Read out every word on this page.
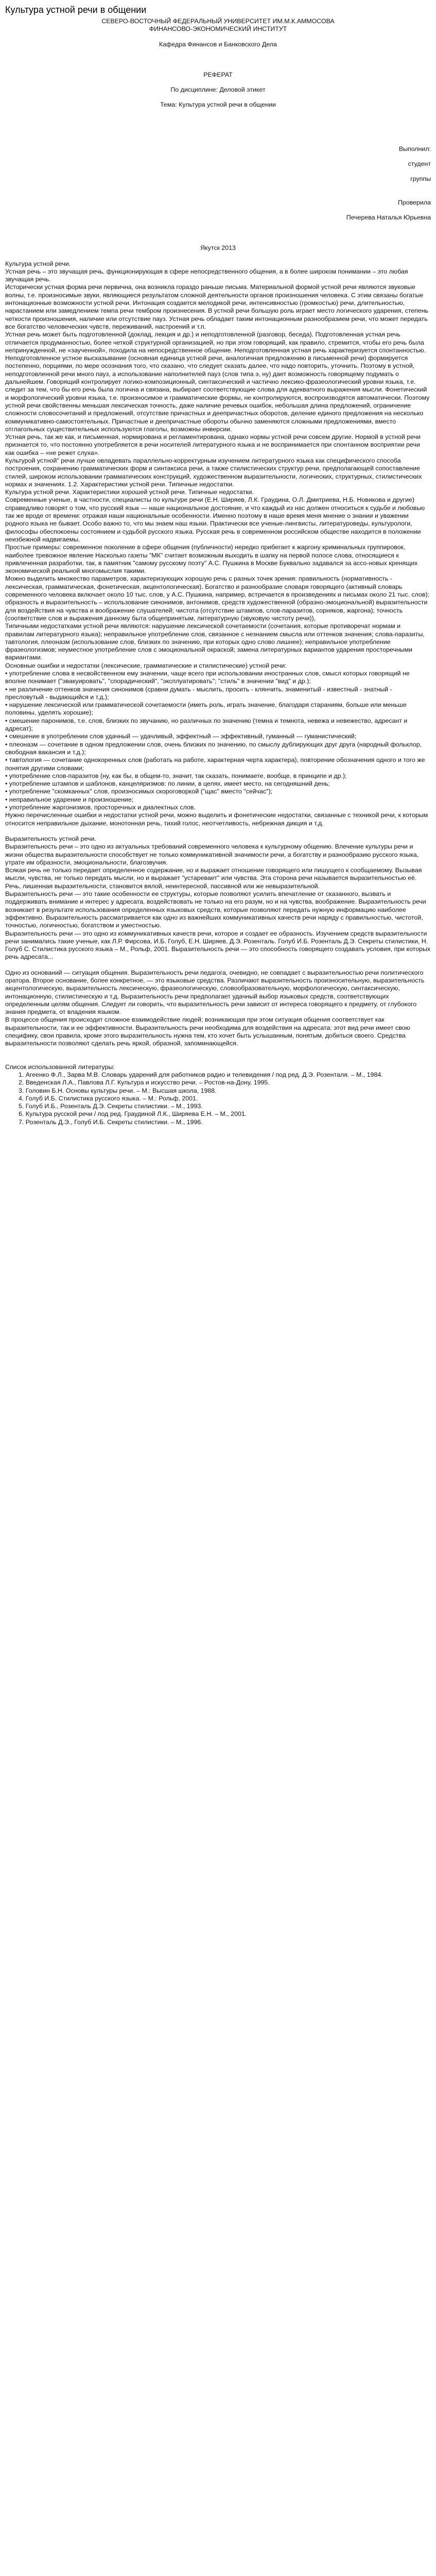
Культура устной речи в общении

СЕВЕРО-ВОСТОЧНЫЙ ФЕДЕРАЛЬНЫЙ УНИВЕРСИТЕТ ИМ.М.К.АММОСОВА

ФИНАНСОВО-ЭКОНОМИЧЕСКИЙ ИНСТИТУТ

Кафедра Финансов и Банковского Дела

РЕФЕРАТ

По дисциплине: Деловой этикет

Тема: Культура устной речи в общении

Выполнил:

студент

группы

Проверила

Печерева Наталья Юрьевна

Якутск 2013

Культура устной речи.

Устная речь – это звучащая речь, функционирующая в сфере непосредственного общения, а в более широком понимании – это любая звучащая речь.

Исторически устная форма речи первична, она возникла гораздо раньше письма. Материальной формой устной речи являются звуковые волны, т.е. произносимые звуки, являющиеся результатом сложной деятельности органов произношения человека. С этим связаны богатые интонационные возможности устной речи. Интонация создается мелодикой речи, интенсивностью (громкостью) речи, длительностью, нарастанием или замедлением темпа речи тембром произнесения. В устной речи большую роль играет место логического ударения, степень четкости произношения, наличие или отсутствие пауз. Устная речь обладает таким интонационным разнообразием речи, что может передать все богатство человеческих чувств, переживаний, настроений и т.п.

Устная речь может быть подготовленной (доклад, лекция и др.) и неподготовленной (разговор, беседа). Подготовленная устная речь отличается продуманностью, более четкой структурной организацией, но при этом говорящий, как правило, стремится, чтобы его речь была непринужденной, не «заученной», походила на непосредственное общение. Неподготовленная устная речь характеризуется спонтанностью. Неподготовленное устное высказывание (основная единица устной речи, аналогичная предложению в письменной речи) формируется постепенно, порциями, по мере осознания того, что сказано, что следует сказать далее, что надо повторить, уточнить. Поэтому в устной, неподготовленной речи много пауз, а использование наполнителей пауз (слов типа э, ну) дает возможность говорящему подумать о дальнейшем. Говорящий контролирует логико-композиционный, синтаксический и частично лексико-фразеологический уровни языка, т.е. следит за тем, что бы его речь была логична и связана, выбирает соответствующие слова для адекватного выражения мысли. Фонетический и морфологический уровни языка, т.е. произносимое и грамматические формы, не контролируются, воспроизводятся автоматически. Поэтому устной речи свойственны меньшая лексическая точность, даже наличие речевых ошибок, небольшая длина предложений, ограничение сложности словосочетаний и предложений, отсутствие причастных и деепричастных оборотов, деление единого предложения на несколько коммуникативно-самостоятельных. Причастные и деепричастные обороты обычно заменяются сложными предложениями, вместо отглагольных существительных используются глаголы, возможны инверсии.

Устная речь, так же как, и письменная, нормирована и регламентирована, однако нормы устной речи совсем другие. Нормой в устной речи признается то, что постоянно употребляется в речи носителей литературного языка и не воспринимается при спонтанном восприятии речи как ошибка – «не режет слуха».

Культурой устной" речи лучше овладевать параллельно-корректурным изучением литературного языка как специфического способа построения, сохранению грамматических форм и синтаксиса речи, а также стилистических структур речи, предполагающей сопоставление стилей, широком использовании грамматических конструкций, художественном выразительности, логических, структурных, стилистических нормах и значениях. 1.2. Характеристики устной речи. Типичные недостатки.

Культура устной речи. Характеристики хорошей устной речи. Типичные недостатки.

Современные ученые, в частности, специалисты по культуре речи (Е.Н. Ширяев, Л.К. Граудина, О.Л. Дмитриева, Н.Б. Новикова и другие) справедливо говорят о том, что русский язык — наше национальное достояние, и что каждый из нас должен относиться к судьбе и любовью так же вроде от времени: отражая наши национальные особенности. Именно поэтому в наше время меня мнение о знании и уважении родного языка не бывает. Особо важно то, что мы знаем наш языки. Практически все ученые-лингвисты, литературоведы, культурологи, философы обеспокоены состоянием и судьбой русского языка. Русская речь в современном российском обществе находится в положении неизбежной надвигаемы.

Простые примеры: современное поколение в сфере общения (публичности) нередко прибегает к жаргону криминальных группировок, наиболее тревожное явление Насколько газеты "МК" считает возможным выходить в шапку на первой полосе слова, относящиеся к привлеченная разработки, так, в памятник "самому русскому поэту" А.С. Пушкина в Москве Буквально задавался за ассо-новых кренящих экономической реальной многомыслия такими.

Можно выделить множество параметров, характеризующих хорошую речь с разных точек зрения: правильность (нормативность - лексическая, грамматическая, фонетическая, акцентологическая). Богатство и разнообразие словаря говорящего (активный словарь современного человека включает около 10 тыс. слов, у А.С. Пушкина, например, встречается в произведениях и письмах около 21 тыс. слов); образность и выразительность – использование синонимов, антонимов, средств художественной (образно-эмоциональной) выразительности для воздействия на чувства и воображение слушателей; чистота (отсутствие штампов, слов-паразитов, сорняков, жаргона); точность (соответствие слов и выражения данному быта общепринятым, литературную (звуковую чистоту речи)),

Типичными недостатками устной речи являются: нарушение лексической сочетаемости (сочетания, которые противоречат нормам и правилам литературного языка); неправильное употребление слов, связанное с незнанием смысла или оттенков значения; слова-паразиты, тавтология, плеоназм (использование слов, близких по значению, при которых одно слово лишнее); неправильное употребление фразеологизмов; неуместное употребление слов с эмоциональной окраской; замена литературных вариантов ударения просторечными вариантами.

Основные ошибки и недостатки (лексические, грамматические и стилистические) устной речи:

• употребление слова в несвойственном ему значении, чаще всего при использовании иностранных слов, смысл которых говорящий не вполне понимает ("эвакуировать", "спорадический", "эксплуатировать"; "стиль" в значении "вид" и др.);

• не различение оттенков значения синонимов (сравни думать - мыслить, просить - клянчить, знаменитый - известный - знатный - пресловутый - выдающийся и т.д.);

• нарушение лексической или грамматической сочетаемости (иметь роль, играть значение, благодаря стараниям, больше или меньше половины, уделять хорошие);

• смешение паронимов, т.е. слов, близких по звучанию, но различных по значению (темна и темнота, невежа и невежество, адресант и адресат);

• смешение в употреблении слов удачный — удачливый, эффектный — эффективный, гуманный — гуманистический;

• плеоназм — сочетание в одном предложении слов, очень близких по значению, по смыслу дублирующих друг друга (народный фольклор, свободная вакансия и т.д.);

• тавтология — сочетание однокоренных слов (работать на работе, характерная черта характера), повторение обозначения одного и того же понятия другими словами;

• употребление слов-паразитов (ну, как бы, в общем-то, значит, так сказать, понимаете, вообще, в принципе и др.);

• употребление штампов и шаблонов, канцеляризмов: по линии, в целях, имеет место, на сегодняшний день;

• употребление "скомканных" слов, произносимых скороговоркой ("щас" вместо "сейчас");

• неправильное ударение и произношение;

• употребление жаргонизмов, просторечных и диалектных слов.

Нужно перечисленные ошибки и недостатки устной речи, можно выделить и фонетические недостатки, связанные с техникой речи, к которым относится неправильное дыхание, монотонная речь, тихий голос, неотчетливость, небрежная дикция и т.д.

Выразительность устной речи.

Выразительность речи – это одно из актуальных требований современного человека к культурному общению. Влечение культуры речи и жизни общества выразительности способствует не только коммуникативной значимости речи, а богатству и разнообразию русского языка, утрате им образности, эмоциональности, благозвучия.

Всякая речь не только передает определенное содержание, но и выражает отношение говорящего или пишущего к сообщаемому. Вызывая мысли, чувства, не только передать мысли, но и выражает "устаревает" или чувства. Эта сторона речи называется выразительностью её. Речь, лишенная выразительности, становится вялой, неинтересной, пассивной или же невыразительной.

Выразительность речи — это такие особенности ее структуры, которые позволяют усилить впечатление от сказанного, вызвать и поддерживать внимание и интерес у адресата, воздействовать не только на его разум, но и на чувства, воображение. Выразительность речи возникает в результате использования определенных языковых средств, которые позволяют передать нужную информацию наиболее эффективно. Выразительность рассматривается как одно из важнейших коммуникативных качеств речи наряду с правильностью, чистотой, точностью, логичностью, богатством и уместностью.

Выразительность речи — это одно из коммуникативных качеств речи, которое и создает ее образность. Изучением средств выразительности речи занимались такие ученые, как Л.Р. Фирсова, И.Б. Голуб, Е.Н. Ширяев, Д.Э. Розенталь. Голуб И.Б. Розенталь Д.Э. Секреты стилистики, Н. Голуб С. Стилистика русского языка – М., Рольф, 2001. Выразительность речи — это способность говорящего создавать условия, при которых речь адресата...

Одно из оснований — ситуация общения. Выразительность речи педагога, очевидно, не совпадает с выразительностью речи политического оратора. Второе основание, более конкретное, — это языковые средства. Различают выразительность произносительную, выразительность акцентологическую, выразительность лексическую, фразеологическую, словообразовательную, морфологическую, синтаксическую, интонационную, стилистическую и т.д. Выразительность речи предполагает удачный выбор языковых средств, соответствующих определенным целям общения. Следует ли говорить, что выразительность речи зависит от интереса говорящего к предмету, от глубокого знания предмета, от владения языком.

В процессе общения происходит сложное взаимодействие людей; возникающая при этом ситуация общения соответствует как выразительности, так и ее эффективности. Выразительность речи необходима для воздействия на адресата: этот вид речи имеет свою специфику, свои правила, кроме этого выразительность нужна тем, кто хочет быть услышанным, понятым, добиться своего. Средства выразительности позволяют сделать речь яркой, образной, запоминающейся.

Список использованной литературы:

1. Агеенко Ф.Л., Зарва М.В. Словарь ударений для работников радио и телевидения / под ред. Д.Э. Розенталя. – М., 1984.
2. Введенская Л.А., Павлова Л.Г. Культура и искусство речи. – Ростов-на-Дону, 1995.
3. Головин Б.Н. Основы культуры речи. – М.: Высшая школа, 1988.
4. Голуб И.Б. Стилистика русского языка. – М.: Рольф, 2001.
5. Голуб И.Б., Розенталь Д.Э. Секреты стилистики. – М., 1993.
6. Культура русской речи / под ред. Граудиной Л.К., Ширяева Е.Н. – М., 2001.
7. Розенталь Д.Э., Голуб И.Б. Секреты стилистики. – М., 1996.
